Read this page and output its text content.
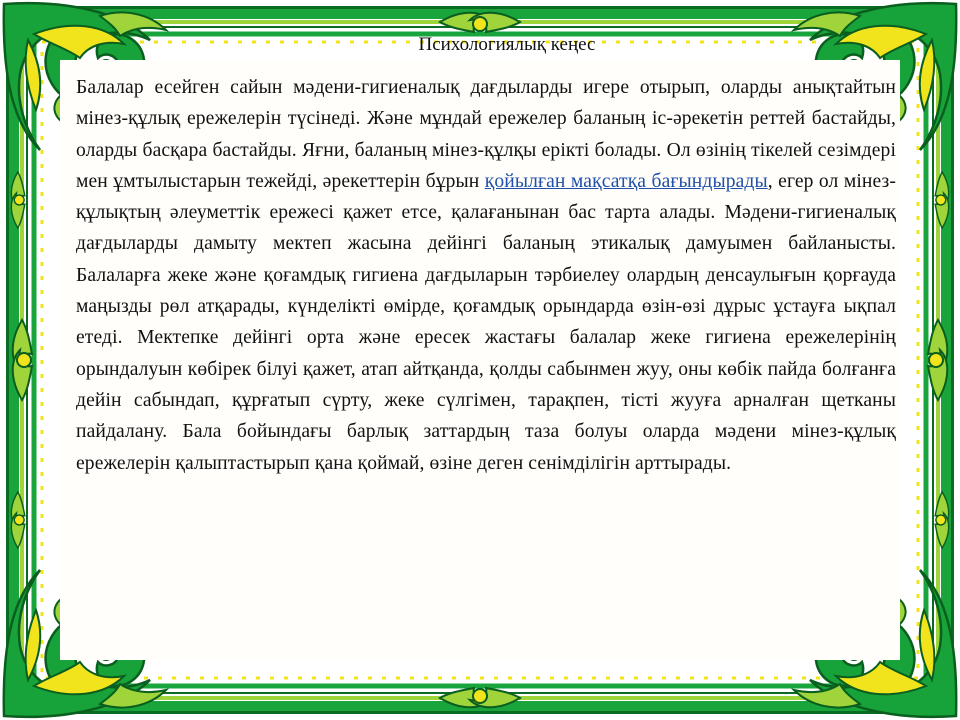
Психологиялық кеңес

Балалар есейген сайын мәдени-гигиеналық дағдыларды игере отырып, оларды анықтайтын мінез-құлық ережелерін түсінеді. Және мұндай ережелер баланың іс-әрекетін реттей бастайды, оларды басқара бастайды. Яғни, баланың мінез-құлқы ерікті болады. Ол өзінің тікелей сезімдері мен ұмтылыстарын тежейді, әрекеттерін бұрын қойылған мақсатқа бағындырады, егер ол мінез-құлықтың әлеуметтік ережесі қажет етсе, қалағанынан бас тарта алады. Мәдени-гигиеналық дағдыларды дамыту мектеп жасына дейінгі баланың этикалық дамуымен байланысты. Балаларға жеке және қоғамдық гигиена дағдыларын тәрбиелеу олардың денсаулығын қорғауда маңызды рөл атқарады, күнделікті өмірде, қоғамдық орындарда өзін-өзі дұрыс ұстауға ықпал етеді. Мектепке дейінгі орта және ересек жастағы балалар жеке гигиена ережелерінің орындалуын көбірек білуі қажет, атап айтқанда, қолды сабынмен жуу, оны көбік пайда болғанға дейін сабындап, құрғатып сүрту, жеке сүлгімен, тарақпен, тісті жууға арналған щетканы пайдалану. Бала бойындағы барлық заттардың таза болуы оларда мәдени мінез-құлық ережелерін қалыптастырып қана қоймай, өзіне деген сенімділігін арттырады.
